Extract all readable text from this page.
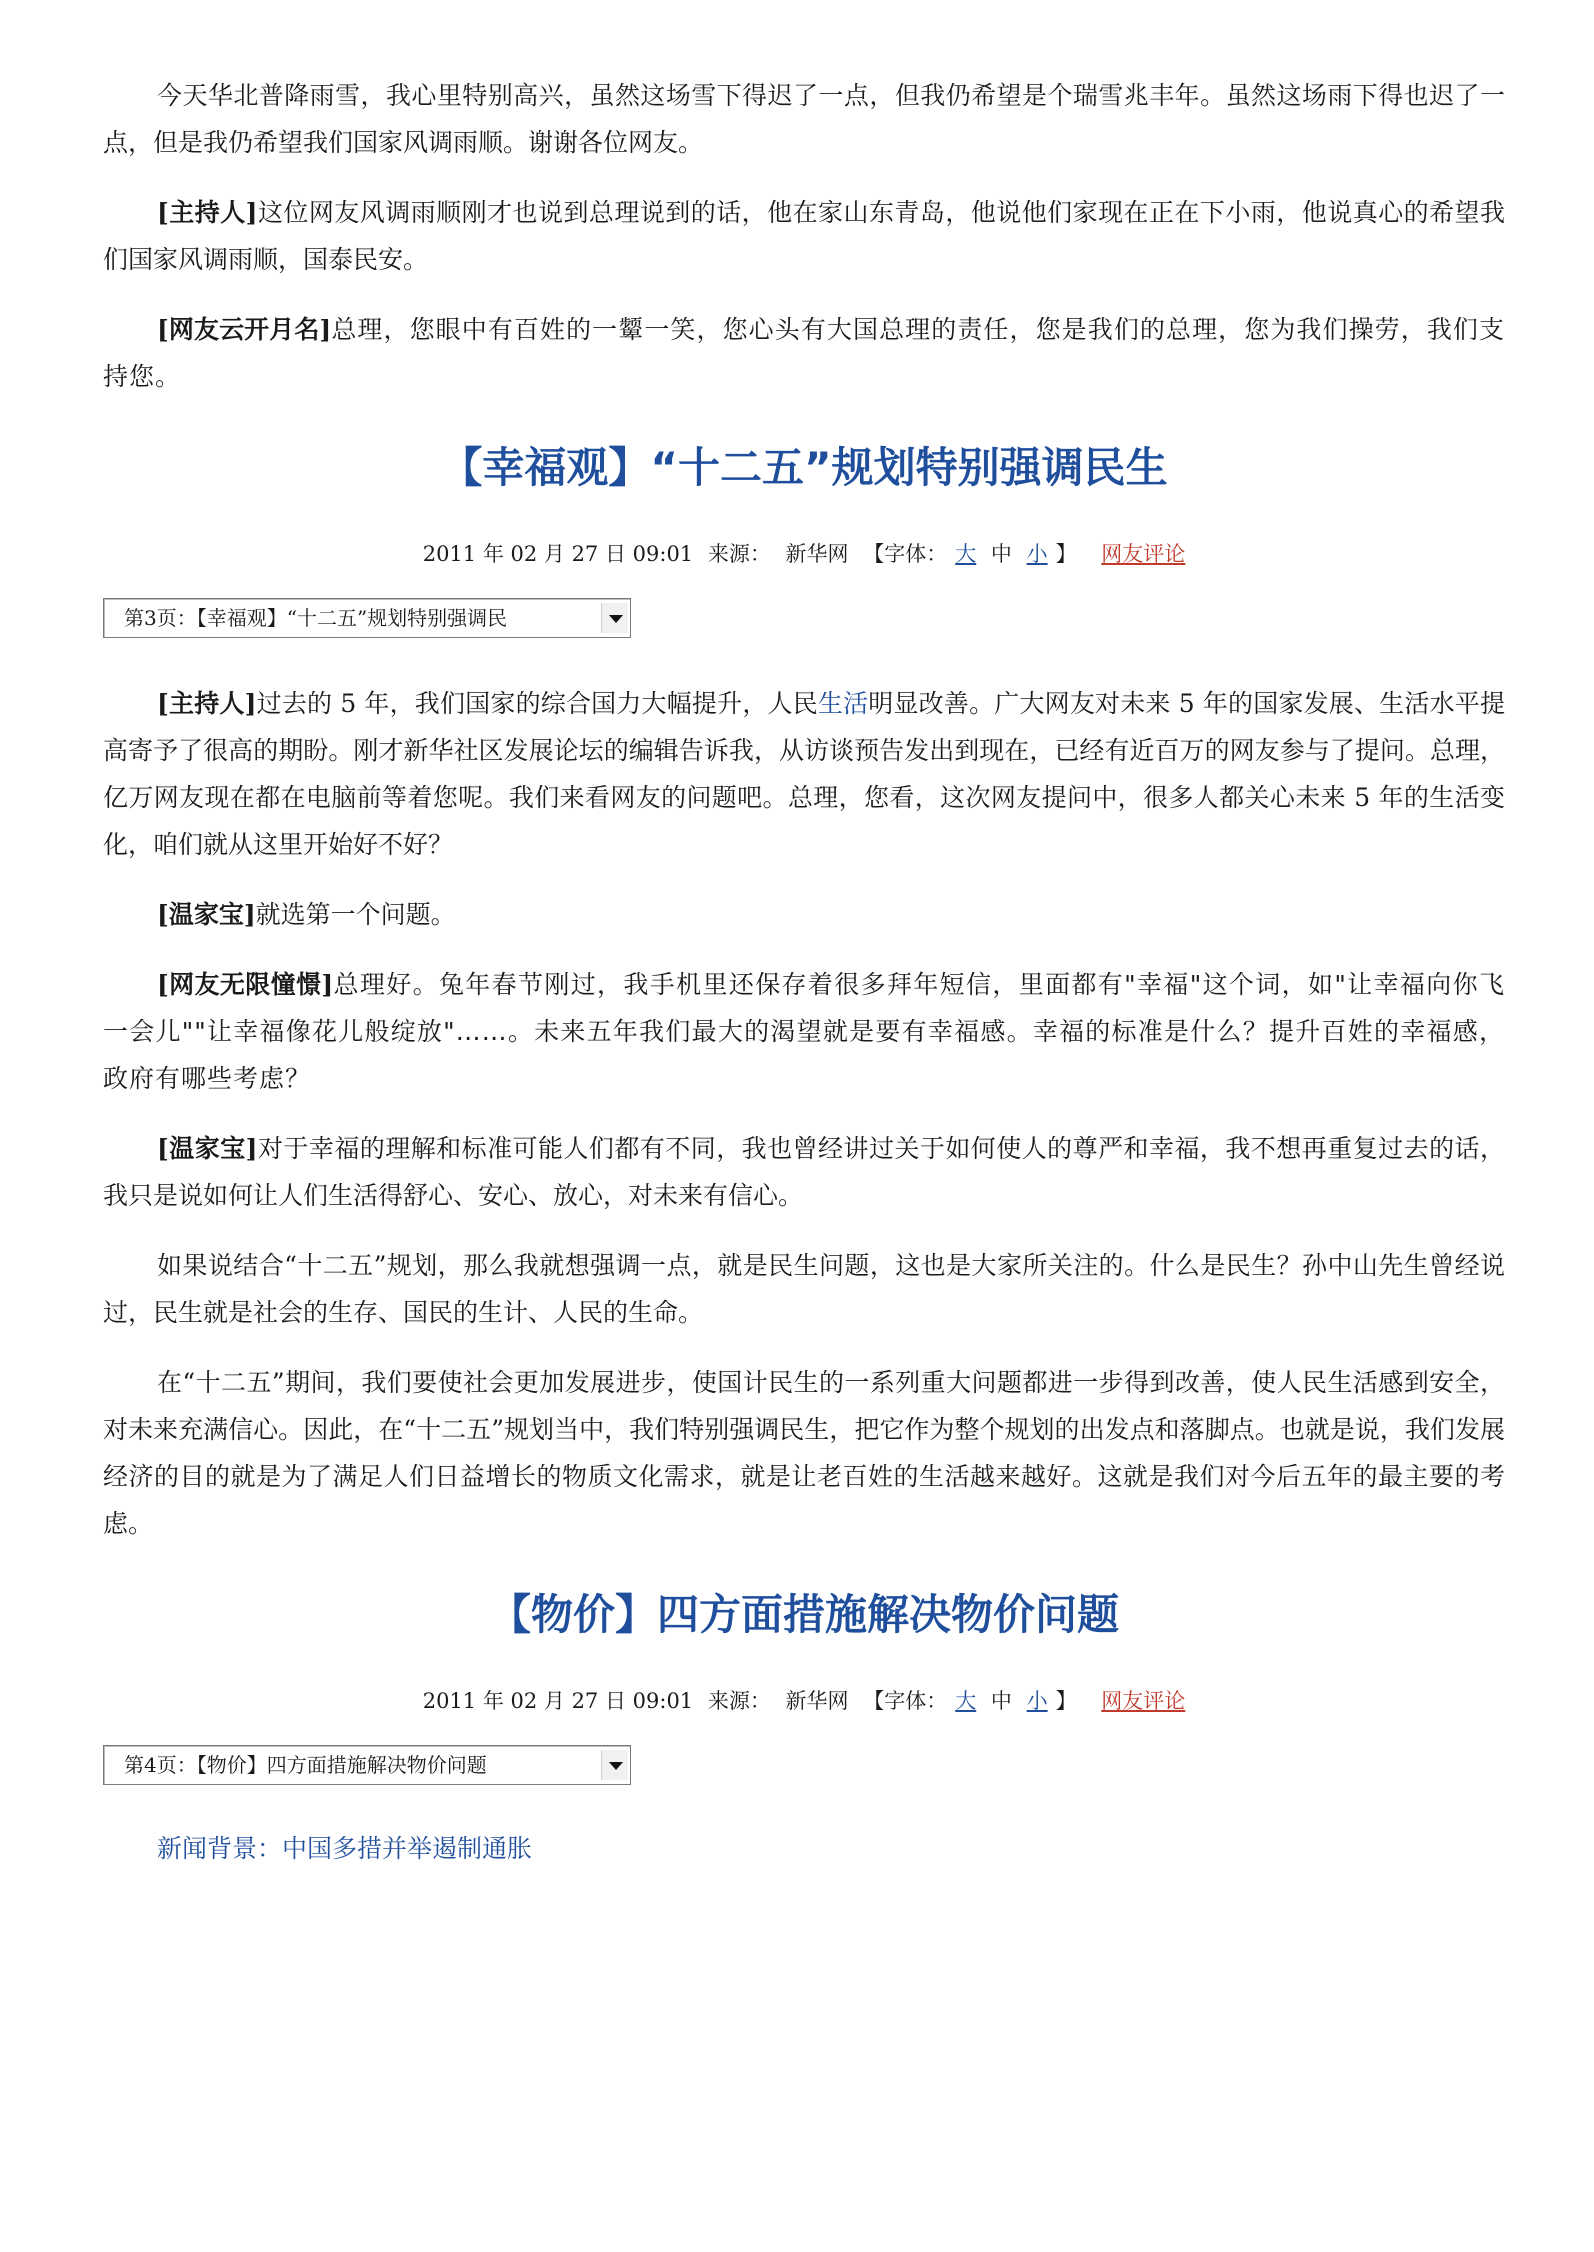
今天华北普降雨雪，我心里特别高兴，虽然这场雪下得迟了一点，但我仍希望是个瑞雪兆丰年。虽然这场雨下得也迟了一点，但是我仍希望我们国家风调雨顺。谢谢各位网友。

[主持人]这位网友风调雨顺刚才也说到总理说到的话，他在家山东青岛，他说他们家现在正在下小雨，他说真心的希望我们国家风调雨顺，国泰民安。

[网友云开月名]总理，您眼中有百姓的一颦一笑，您心头有大国总理的责任，您是我们的总理，您为我们操劳，我们支持您。

【幸福观】“十二五”规划特别强调民生
2011 年 02 月 27 日 09:01 来源： 新华网 【字体： 大 中 小 】 网友评论
第3页：【幸福观】“十二五”规划特别强调民

[主持人]过去的 5 年，我们国家的综合国力大幅提升，人民生活明显改善。广大网友对未来 5 年的国家发展、生活水平提高寄予了很高的期盼。刚才新华社区发展论坛的编辑告诉我，从访谈预告发出到现在，已经有近百万的网友参与了提问。总理，亿万网友现在都在电脑前等着您呢。我们来看网友的问题吧。总理，您看，这次网友提问中，很多人都关心未来 5 年的生活变化，咱们就从这里开始好不好？

[温家宝]就选第一个问题。

[网友无限憧憬]总理好。兔年春节刚过，我手机里还保存着很多拜年短信，里面都有"幸福"这个词，如"让幸福向你飞一会儿""让幸福像花儿般绽放"……。未来五年我们最大的渴望就是要有幸福感。幸福的标准是什么？提升百姓的幸福感，政府有哪些考虑？

[温家宝]对于幸福的理解和标准可能人们都有不同，我也曾经讲过关于如何使人的尊严和幸福，我不想再重复过去的话，我只是说如何让人们生活得舒心、安心、放心，对未来有信心。

如果说结合“十二五”规划，那么我就想强调一点，就是民生问题，这也是大家所关注的。什么是民生？孙中山先生曾经说过，民生就是社会的生存、国民的生计、人民的生命。

在“十二五”期间，我们要使社会更加发展进步，使国计民生的一系列重大问题都进一步得到改善，使人民生活感到安全，对未来充满信心。因此，在“十二五”规划当中，我们特别强调民生，把它作为整个规划的出发点和落脚点。也就是说，我们发展经济的目的就是为了满足人们日益增长的物质文化需求，就是让老百姓的生活越来越好。这就是我们对今后五年的最主要的考虑。

【物价】四方面措施解决物价问题
2011 年 02 月 27 日 09:01 来源： 新华网 【字体： 大 中 小 】 网友评论
第4页：【物价】四方面措施解决物价问题
新闻背景：中国多措并举遏制通胀
